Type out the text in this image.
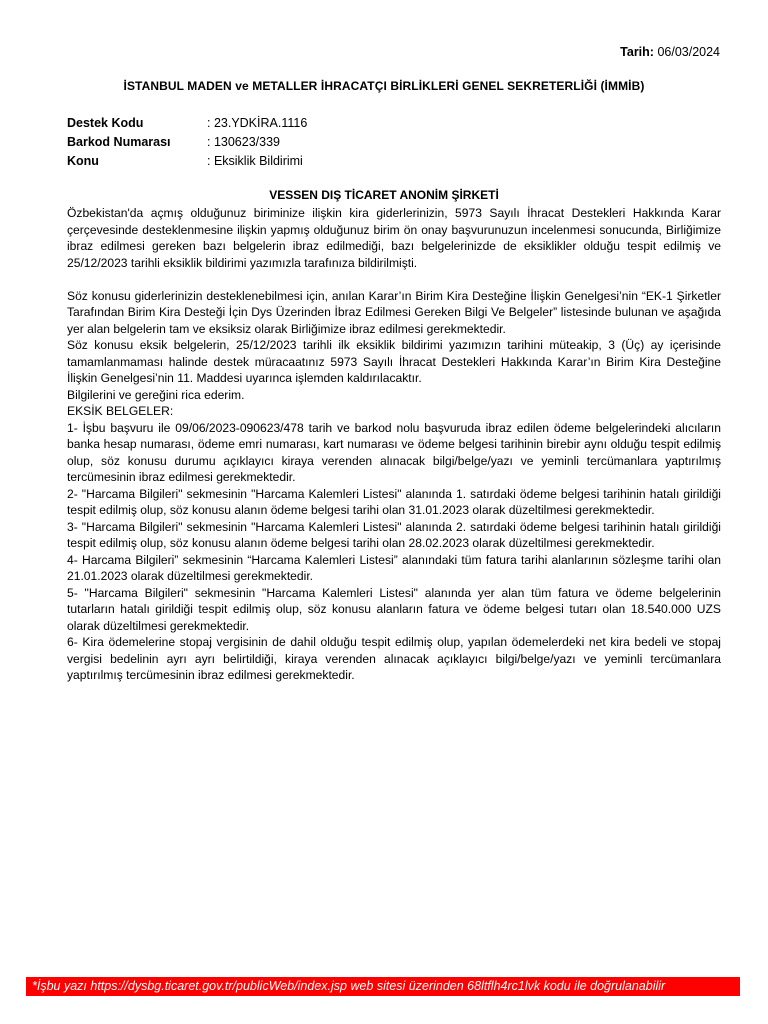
Tarih: 06/03/2024
İSTANBUL MADEN ve METALLER İHRACATÇI BİRLİKLERİ GENEL SEKRETERLİĞİ (İMMİB)
Destek Kodu	: 23.YDKİRA.1116
Barkod Numarası	: 130623/339
Konu	: Eksiklik Bildirimi
VESSEN DIŞ TİCARET ANONİM ŞİRKETİ

Özbekistan'da açmış olduğunuz biriminize ilişkin kira giderlerinizin, 5973 Sayılı İhracat Destekleri Hakkında Karar çerçevesinde desteklenmesine ilişkin yapmış olduğunuz birim ön onay başvurunuzun incelenmesi sonucunda, Birliğimize ibraz edilmesi gereken bazı belgelerin ibraz edilmediği, bazı belgelerinizde de eksiklikler olduğu tespit edilmiş ve 25/12/2023 tarihli eksiklik bildirimi yazımızla tarafınıza bildirilmişti.

Söz konusu giderlerinizin desteklenebilmesi için, anılan Karar’ın Birim Kira Desteğine İlişkin Genelgesi’nin “EK-1 Şirketler Tarafından Birim Kira Desteği İçin Dys Üzerinden İbraz Edilmesi Gereken Bilgi Ve Belgeler” listesinde bulunan ve aşağıda yer alan belgelerin tam ve eksiksiz olarak Birliğimize ibraz edilmesi gerekmektedir.

Söz konusu eksik belgelerin, 25/12/2023 tarihli ilk eksiklik bildirimi yazımızın tarihini müteakip, 3 (Üç) ay içerisinde tamamlanmaması halinde destek müracaatınız 5973 Sayılı İhracat Destekleri Hakkında Karar’ın Birim Kira Desteğine İlişkin Genelgesi’nin 11. Maddesi uyarınca işlemden kaldırılacaktır.

Bilgilerini ve gereğini rica ederim.

EKSİK BELGELER:

1- İşbu başvuru ile 09/06/2023-090623/478 tarih ve barkod nolu başvuruda ibraz edilen ödeme belgelerindeki alıcıların banka hesap numarası, ödeme emri numarası, kart numarası ve ödeme belgesi tarihinin birebir aynı olduğu tespit edilmiş olup, söz konusu durumu açıklayıcı kiraya verenden alınacak bilgi/belge/yazı ve yeminli tercümanlara yaptırılmış tercümesinin ibraz edilmesi gerekmektedir.

2- "Harcama Bilgileri" sekmesinin "Harcama Kalemleri Listesi" alanında 1. satırdaki ödeme belgesi tarihinin hatalı girildiği tespit edilmiş olup, söz konusu alanın ödeme belgesi tarihi olan 31.01.2023 olarak düzeltilmesi gerekmektedir.

3- "Harcama Bilgileri" sekmesinin "Harcama Kalemleri Listesi" alanında 2. satırdaki ödeme belgesi tarihinin hatalı girildiği tespit edilmiş olup, söz konusu alanın ödeme belgesi tarihi olan 28.02.2023 olarak düzeltilmesi gerekmektedir.

4- Harcama Bilgileri” sekmesinin “Harcama Kalemleri Listesi” alanındaki tüm fatura tarihi alanlarının sözleşme tarihi olan 21.01.2023 olarak düzeltilmesi gerekmektedir.

5- "Harcama Bilgileri" sekmesinin "Harcama Kalemleri Listesi" alanında yer alan tüm fatura ve ödeme belgelerinin tutarların hatalı girildiği tespit edilmiş olup, söz konusu alanların fatura ve ödeme belgesi tutarı olan 18.540.000 UZS olarak düzeltilmesi gerekmektedir.

6- Kira ödemelerine stopaj vergisinin de dahil olduğu tespit edilmiş olup, yapılan ödemelerdeki net kira bedeli ve stopaj vergisi bedelinin ayrı ayrı belirtildiği, kiraya verenden alınacak açıklayıcı bilgi/belge/yazı ve yeminli tercümanlara yaptırılmış tercümesinin ibraz edilmesi gerekmektedir.

*İşbu yazı https://dysbg.ticaret.gov.tr/publicWeb/index.jsp web sitesi üzerinden 68ltflh4rc1lvk kodu ile doğrulanabilir
